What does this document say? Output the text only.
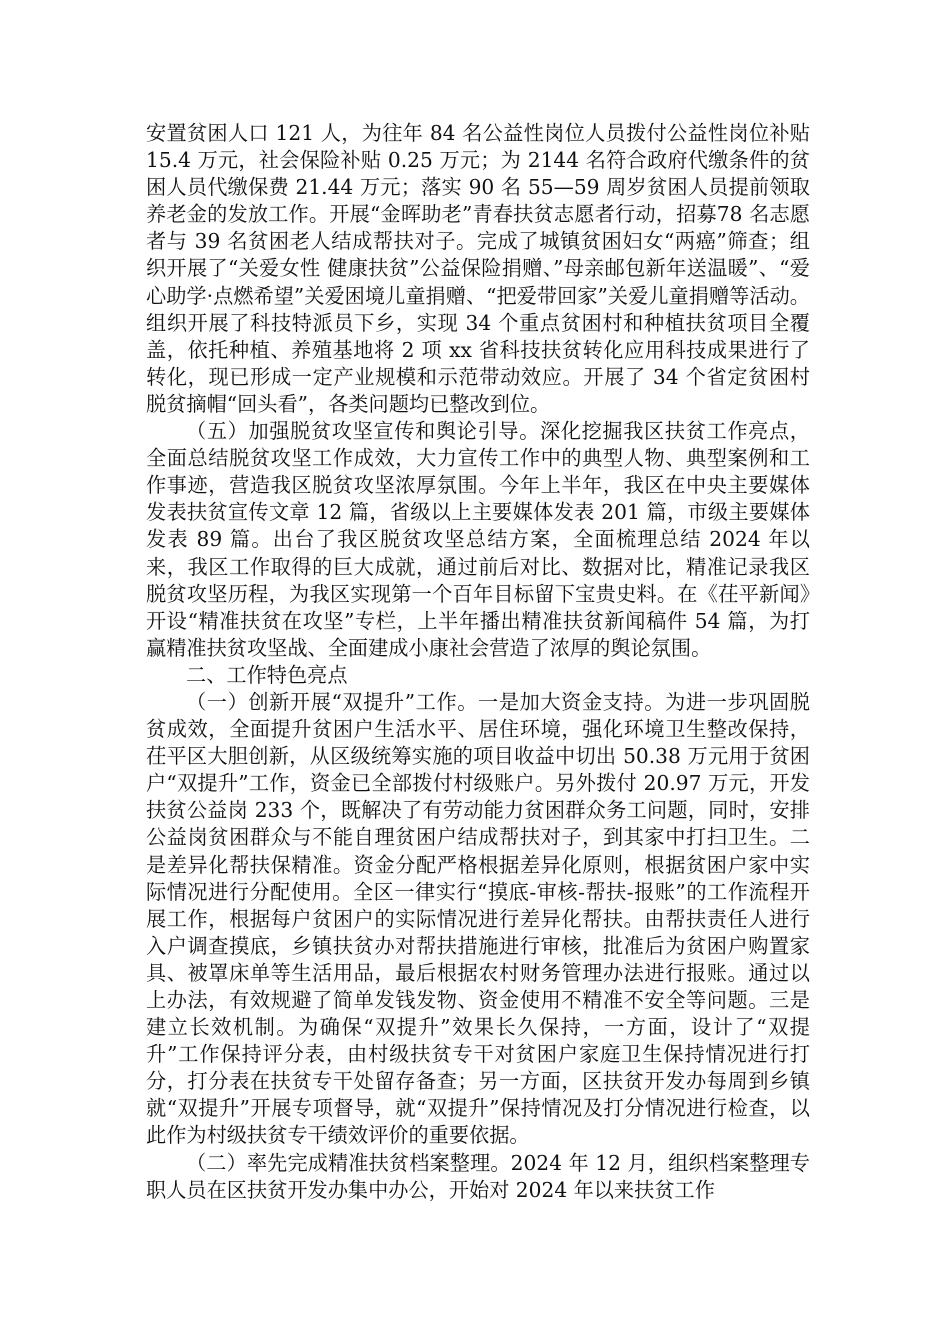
安置贫困人口 121 人，为往年 84 名公益性岗位人员拨付公益性岗位补贴 15.4 万元，社会保险补贴 0.25 万元；为 2144 名符合政府代缴条件的贫困人员代缴保费 21.44 万元；落实 90 名 55—59 周岁贫困人员提前领取养老金的发放工作。开展“金晖助老”青春扶贫志愿者行动，招募78 名志愿者与 39 名贫困老人结成帮扶对子。完成了城镇贫困妇女“两癌”筛查；组织开展了“关爱女性 健康扶贫”公益保险捐赠、”母亲邮包新年送温暖”、“爱心助学·点燃希望”关爱困境儿童捐赠、“把爱带回家”关爱儿童捐赠等活动。组织开展了科技特派员下乡，实现 34 个重点贫困村和种植扶贫项目全覆盖，依托种植、养殖基地将 2 项 xx 省科技扶贫转化应用科技成果进行了转化，现已形成一定产业规模和示范带动效应。开展了 34 个省定贫困村脱贫摘帽“回头看”，各类问题均已整改到位。

（五）加强脱贫攻坚宣传和舆论引导。深化挖掘我区扶贫工作亮点，全面总结脱贫攻坚工作成效，大力宣传工作中的典型人物、典型案例和工作事迹，营造我区脱贫攻坚浓厚氛围。今年上半年，我区在中央主要媒体发表扶贫宣传文章 12 篇，省级以上主要媒体发表 201 篇，市级主要媒体发表 89 篇。出台了我区脱贫攻坚总结方案，全面梳理总结 2024 年以来，我区工作取得的巨大成就，通过前后对比、数据对比，精准记录我区脱贫攻坚历程，为我区实现第一个百年目标留下宝贵史料。在《茌平新闻》开设“精准扶贫在攻坚”专栏，上半年播出精准扶贫新闻稿件 54 篇，为打赢精准扶贫攻坚战、全面建成小康社会营造了浓厚的舆论氛围。

二、工作特色亮点

（一）创新开展“双提升”工作。一是加大资金支持。为进一步巩固脱贫成效，全面提升贫困户生活水平、居住环境，强化环境卫生整改保持，茌平区大胆创新，从区级统筹实施的项目收益中切出 50.38 万元用于贫困户“双提升”工作，资金已全部拨付村级账户。另外拨付 20.97 万元，开发扶贫公益岗 233 个，既解决了有劳动能力贫困群众务工问题，同时，安排公益岗贫困群众与不能自理贫困户结成帮扶对子，到其家中打扫卫生。二是差异化帮扶保精准。资金分配严格根据差异化原则，根据贫困户家中实际情况进行分配使用。全区一律实行“摸底-审核-帮扶-报账”的工作流程开展工作，根据每户贫困户的实际情况进行差异化帮扶。由帮扶责任人进行入户调查摸底，乡镇扶贫办对帮扶措施进行审核，批准后为贫困户购置家具、被罩床单等生活用品，最后根据农村财务管理办法进行报账。通过以上办法，有效规避了简单发钱发物、资金使用不精准不安全等问题。三是建立长效机制。为确保“双提升”效果长久保持，一方面，设计了“双提升”工作保持评分表，由村级扶贫专干对贫困户家庭卫生保持情况进行打分，打分表在扶贫专干处留存备查；另一方面，区扶贫开发办每周到乡镇就“双提升”开展专项督导，就“双提升”保持情况及打分情况进行检查，以此作为村级扶贫专干绩效评价的重要依据。

（二）率先完成精准扶贫档案整理。2024 年 12 月，组织档案整理专职人员在区扶贫开发办集中办公，开始对 2024 年以来扶贫工作
